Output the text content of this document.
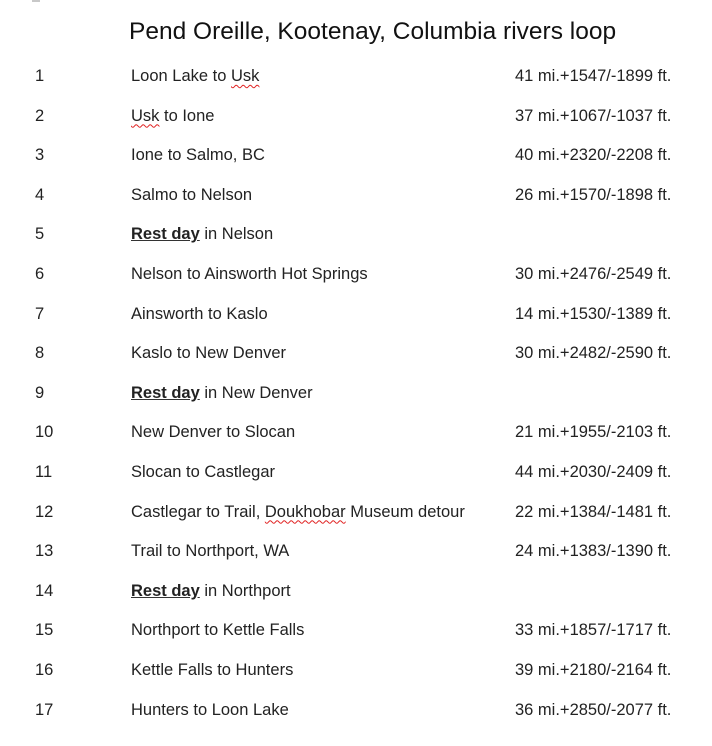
Pend Oreille, Kootenay, Columbia rivers loop
1	Loon Lake to Usk	41 mi.+1547/-1899 ft.
2	Usk to Ione	37 mi.+1067/-1037 ft.
3	Ione to Salmo, BC	40 mi.+2320/-2208 ft.
4	Salmo to Nelson	26 mi.+1570/-1898 ft.
5	Rest day in Nelson
6	Nelson to Ainsworth Hot Springs	30 mi.+2476/-2549 ft.
7	Ainsworth to Kaslo	14 mi.+1530/-1389 ft.
8	Kaslo to New Denver	30 mi.+2482/-2590 ft.
9	Rest day in New Denver
10	New Denver to Slocan	21 mi.+1955/-2103 ft.
11	Slocan to Castlegar	44 mi.+2030/-2409 ft.
12	Castlegar to Trail, Doukhobar Museum detour	22 mi.+1384/-1481 ft.
13	Trail to Northport, WA	24 mi.+1383/-1390 ft.
14	Rest day in Northport
15	Northport to Kettle Falls	33 mi.+1857/-1717 ft.
16	Kettle Falls to Hunters	39 mi.+2180/-2164 ft.
17	Hunters to Loon Lake	36 mi.+2850/-2077 ft.
